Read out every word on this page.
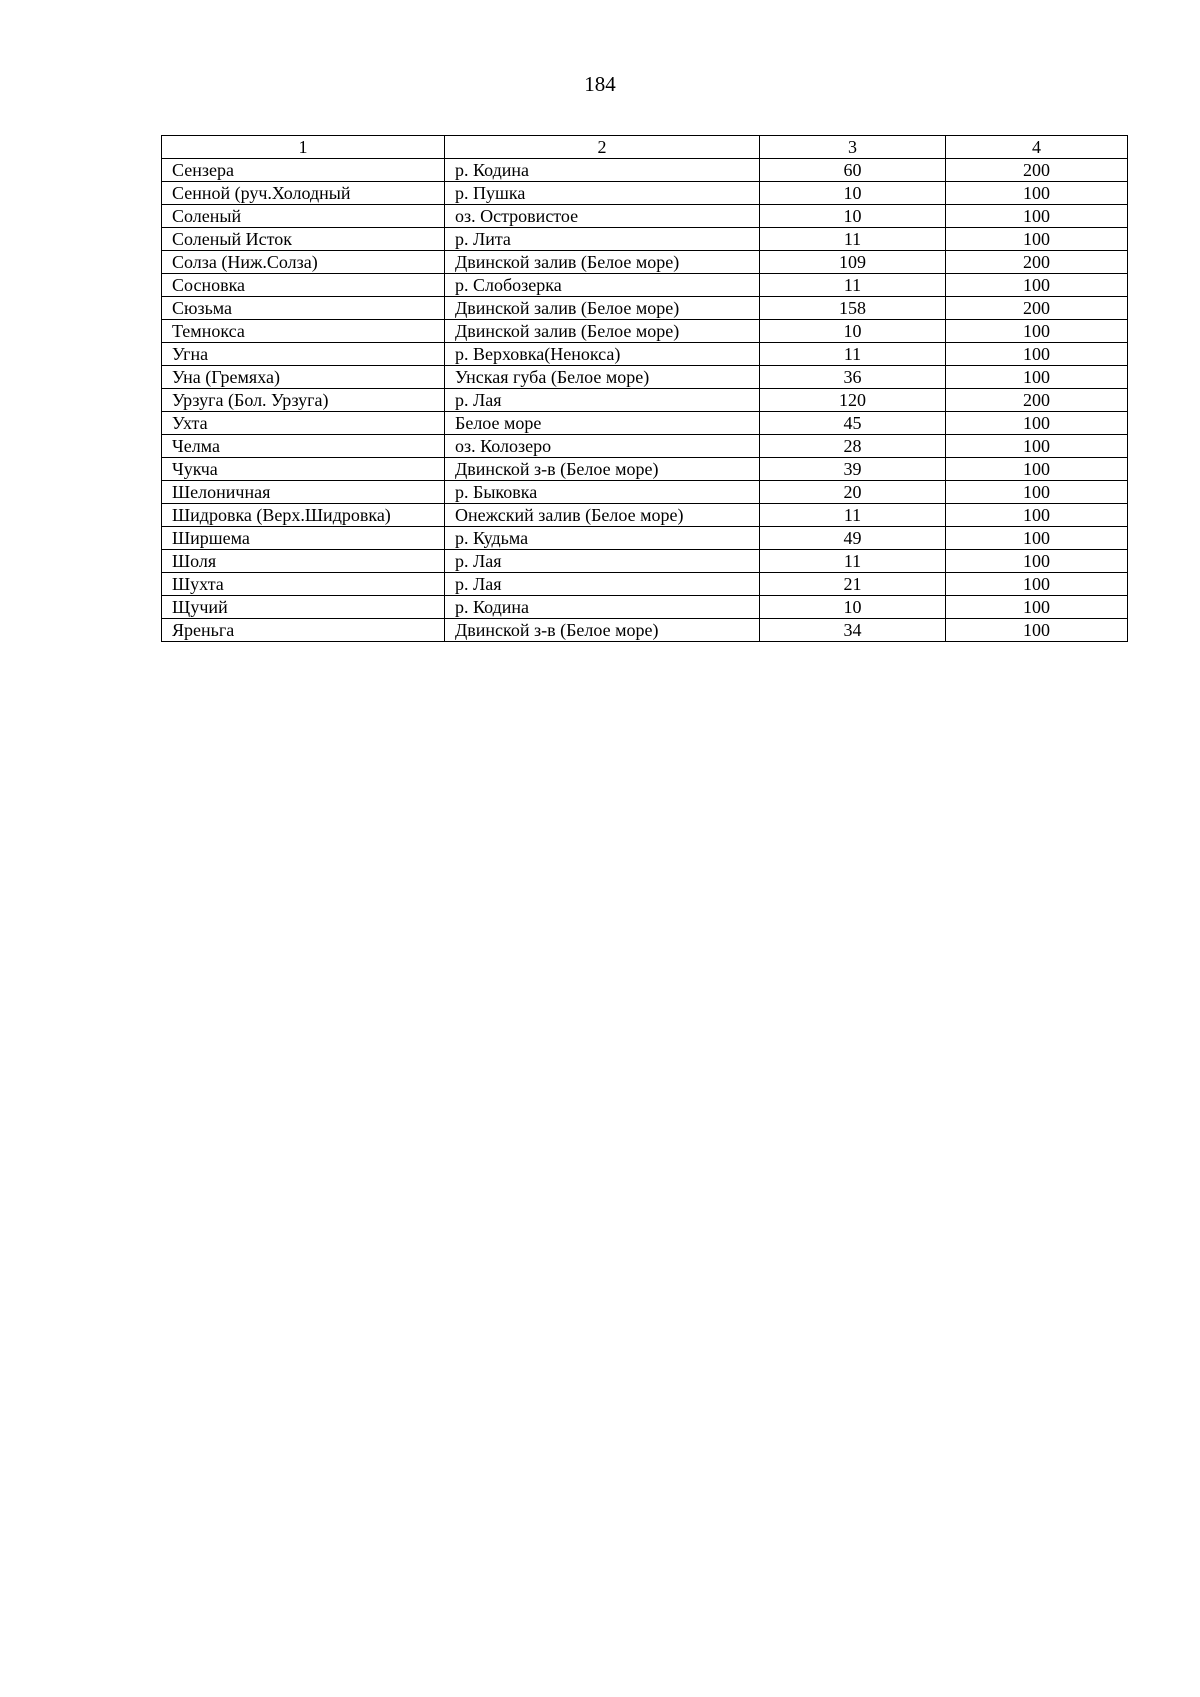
184
1	2	3	4
Сензера	р. Кодина	60	200
Сенной (руч.Холодный	р. Пушка	10	100
Соленый	оз. Островистое	10	100
Соленый Исток	р. Лита	11	100
Солза (Ниж.Солза)	Двинской залив (Белое море)	109	200
Сосновка	р. Слобозерка	11	100
Сюзьма	Двинской залив (Белое море)	158	200
Темнокса	Двинской залив (Белое море)	10	100
Угна	р. Верховка(Ненокса)	11	100
Уна (Гремяха)	Унская губа (Белое море)	36	100
Урзуга (Бол. Урзуга)	р. Лая	120	200
Ухта	Белое море	45	100
Челма	оз. Колозеро	28	100
Чукча	Двинской з-в (Белое море)	39	100
Шелоничная	р. Быковка	20	100
Шидровка (Верх.Шидровка)	Онежский залив (Белое море)	11	100
Ширшема	р. Кудьма	49	100
Шоля	р. Лая	11	100
Шухта	р. Лая	21	100
Щучий	р. Кодина	10	100
Яреньга	Двинской з-в (Белое море)	34	100
